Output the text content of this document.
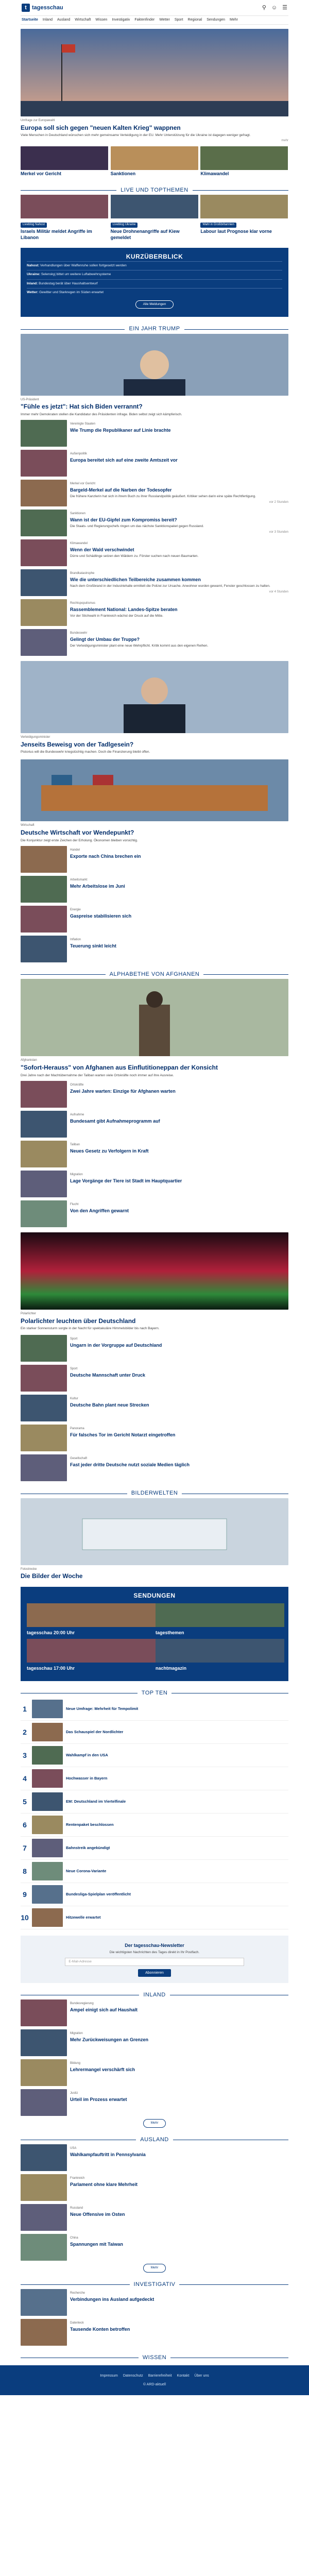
t tagesschau	⚲ ☺ ☰
Startseite Inland Ausland Wirtschaft Wissen Investigativ Faktenfinder Wetter Sport Regional Sendungen Mehr
Umfrage zur Europawahl
Europa soll sich gegen "neuen Kalten Krieg" wappnen
Viele Menschen in Deutschland wünschen sich mehr gemeinsame Verteidigung in der EU. Mehr Unterstützung für die Ukraine ist dagegen weniger gefragt.
mehr
Merkel vor Gericht	Sanktionen	Klimawandel
LIVE UND TOPTHEMEN
Liveblog Nahost
Israels Militär meldet Angriffe im Libanon
Liveblog Ukraine
Neue Drohnenangriffe auf Kiew gemeldet
Wahl in Großbritannien
Labour laut Prognose klar vorne
KURZÜBERBLICK
Nahost: Verhandlungen über Waffenruhe sollen fortgesetzt werden
Ukraine: Selenskyj bittet um weitere Luftabwehrsysteme
Inland: Bundestag berät über Haushaltsentwurf
Wetter: Gewitter und Starkregen im Süden erwartet
Alle Meldungen
EIN JAHR TRUMP
US-Präsident
"Fühle es jetzt": Hat sich Biden verrannt?
Immer mehr Demokraten stellen die Kandidatur des Präsidenten infrage. Biden selbst zeigt sich kämpferisch.
Vereinigte Staaten
Wie Trump die Republikaner auf Linie brachte
Außenpolitik
Europa bereitet sich auf eine zweite Amtszeit vor
Merkel vor Gericht
Bargeld-Merkel auf die Narben der Todesopfer
Die frühere Kanzlerin hat sich in ihrem Buch zu ihrer Russlandpolitik geäußert. Kritiker sehen darin eine späte Rechtfertigung.
vor 2 Stunden
Sanktionen
Wann ist der EU-Gipfel zum Kompromiss bereit?
Die Staats- und Regierungschefs ringen um das nächste Sanktionspaket gegen Russland.
vor 3 Stunden
Klimawandel
Wenn der Wald verschwindet
Dürre und Schädlinge setzen den Wäldern zu. Förster suchen nach neuen Baumarten.
Brandkatastrophe
Wie die unterschiedlichen Teilbereiche zusammen kommen
Nach dem Großbrand in der Industriehalle ermittelt die Polizei zur Ursache. Anwohner wurden gewarnt, Fenster geschlossen zu halten.
vor 4 Stunden
Rechtspopulismus
Rassemblement National: Landes-Spitze beraten
Vor der Stichwahl in Frankreich wächst der Druck auf die Mitte.
Bundeswehr
Gelingt der Umbau der Truppe?
Der Verteidigungsminister plant eine neue Wehrpflicht. Kritik kommt aus den eigenen Reihen.
Verteidigungsminister
Jenseits Beweisg von der Tadlgesein?
Pistorius will die Bundeswehr kriegstüchtig machen. Doch die Finanzierung bleibt offen.
Wirtschaft
Deutsche Wirtschaft vor Wendepunkt?
Die Konjunktur zeigt erste Zeichen der Erholung. Ökonomen bleiben vorsichtig.
Handel
Exporte nach China brechen ein
Arbeitsmarkt
Mehr Arbeitslose im Juni
Energie
Gaspreise stabilisieren sich
Inflation
Teuerung sinkt leicht
ALPHABETHE VON AFGHANEN
Afghanistan
"Sofort-Herauss" von Afghanen aus Einflutitioneppan der Konsicht
Drei Jahre nach der Machtübernahme der Taliban warten viele Ortskräfte noch immer auf ihre Ausreise.
Ortskräfte
Zwei Jahre warten: Einzige für Afghanen warten
Aufnahme
Bundesamt gibt Aufnahmeprogramm auf
Taliban
Neues Gesetz zu Verfolgern in Kraft
Migration
Lage Vorgänge der Tiere ist Stadt im Hauptquartier
Flucht
Von den Angriffen gewarnt
Polarlichter
Polarlichter leuchten über Deutschland
Ein starker Sonnensturm sorgte in der Nacht für spektakuläre Himmelsbilder bis nach Bayern.
Sport
Ungarn in der Vorgruppe auf Deutschland
Sport
Deutsche Mannschaft unter Druck
Kultur
Deutsche Bahn plant neue Strecken
Panorama
Für falsches Tor im Gericht Notarzt eingetroffen
Gesellschaft
Fast jeder dritte Deutsche nutzt soziale Medien täglich
BILDERWELTEN
Fotostrecke
Die Bilder der Woche
SENDUNGEN
tagesschau 20:00 Uhr	tagesthemen
tagesschau 17:00 Uhr	nachtmagazin
TOP TEN
1	Neue Umfrage: Mehrheit für Tempolimit
2	Das Schauspiel der Nordlichter
3	Wahlkampf in den USA
4	Hochwasser in Bayern
5	EM: Deutschland im Viertelfinale
6	Rentenpaket beschlossen
7	Bahnstreik angekündigt
8	Neue Corona-Variante
9	Bundesliga-Spielplan veröffentlicht
10	Hitzewelle erwartet
Der tagesschau-Newsletter
Die wichtigsten Nachrichten des Tages direkt in Ihr Postfach.
E-Mail-Adresse
Abonnieren
INLAND
Bundesregierung
Ampel einigt sich auf Haushalt
Migration
Mehr Zurückweisungen an Grenzen
Bildung
Lehrermangel verschärft sich
Justiz
Urteil im Prozess erwartet
Mehr
AUSLAND
USA
Wahlkampfauftritt in Pennsylvania
Frankreich
Parlament ohne klare Mehrheit
Russland
Neue Offensive im Osten
China
Spannungen mit Taiwan
Mehr
INVESTIGATIV
Recherche
Verbindungen ins Ausland aufgedeckt
Datenleck
Tausende Konten betroffen
WISSEN
Impressum Datenschutz Barrierefreiheit Kontakt Über uns
© ARD-aktuell
